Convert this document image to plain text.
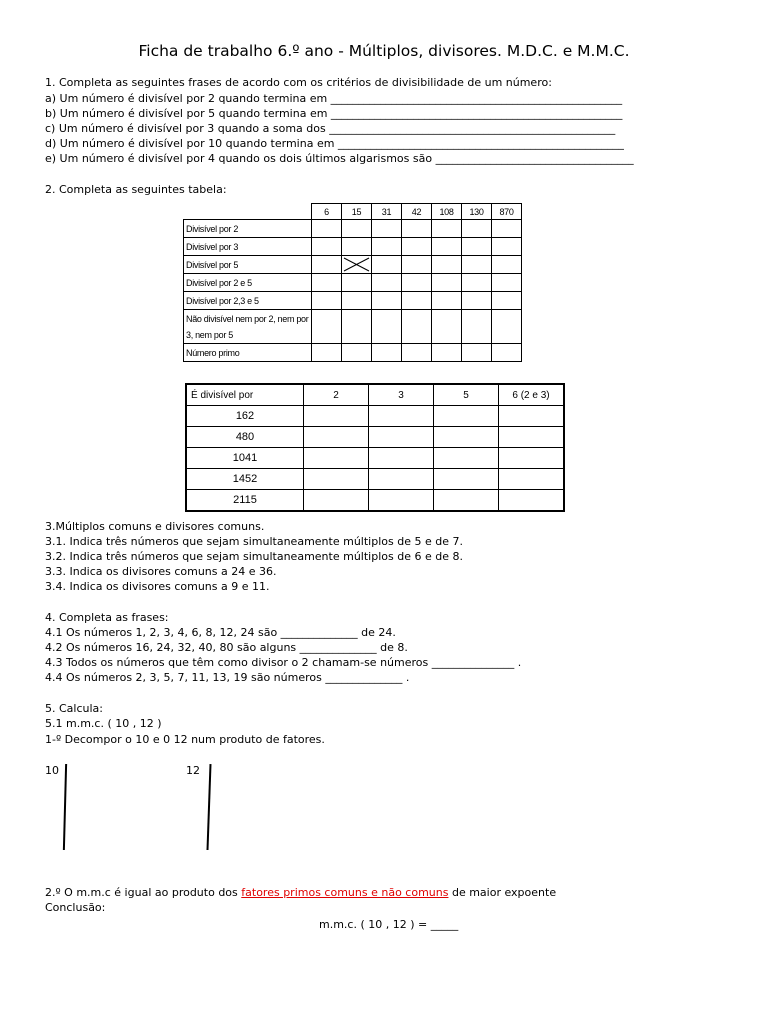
Ficha de trabalho 6.º ano - Múltiplos, divisores. M.D.C. e M.M.C.
1. Completa as seguintes frases de acordo com os critérios de divisibilidade de um número:
a) Um número é divisível por 2 quando termina em _____________________________________________________
b) Um número é divisível por 5 quando termina em _____________________________________________________
c) Um número é divisível por 3 quando a soma dos ____________________________________________________
d) Um número é divisível por 10 quando termina em ____________________________________________________
e) Um número é divisível por 4 quando os dois últimos algarismos são ____________________________________
2. Completa as seguintes tabela:
	6	15	31	42	108	130	870
Divisível por 2							
Divisível por 3							
Divisível por 5		

Divisível por 2 e 5							
Divisível por 2,3 e 5							
Não divisível nem por 2, nem por 3, nem por 5							
Número primo							
É divisível por	2	3	5	6 (2 e 3)
162				
480				
1041				
1452				
2115				
3.Múltiplos comuns e divisores comuns.
3.1. Indica três números que sejam simultaneamente múltiplos de 5 e de 7.
3.2. Indica três números que sejam simultaneamente múltiplos de 6 e de 8.
3.3. Indica os divisores comuns a 24 e 36.
3.4. Indica os divisores comuns a 9 e 11.
4. Completa as frases:
4.1 Os números 1, 2, 3, 4, 6, 8, 12, 24 são ______________ de 24.
4.2 Os números 16, 24, 32, 40, 80 são alguns ______________ de 8.
4.3 Todos os números que têm como divisor o 2 chamam-se números _______________ .
4.4 Os números 2, 3, 5, 7, 11, 13, 19 são números ______________ .
5. Calcula:
5.1 m.m.c. ( 10 , 12 )
1-º Decompor o 10 e 0 12 num produto de fatores.
10	12
2.º O m.m.c é igual ao produto dos fatores primos comuns e não comuns de maior expoente
Conclusão:
m.m.c. ( 10 , 12 ) = _____
